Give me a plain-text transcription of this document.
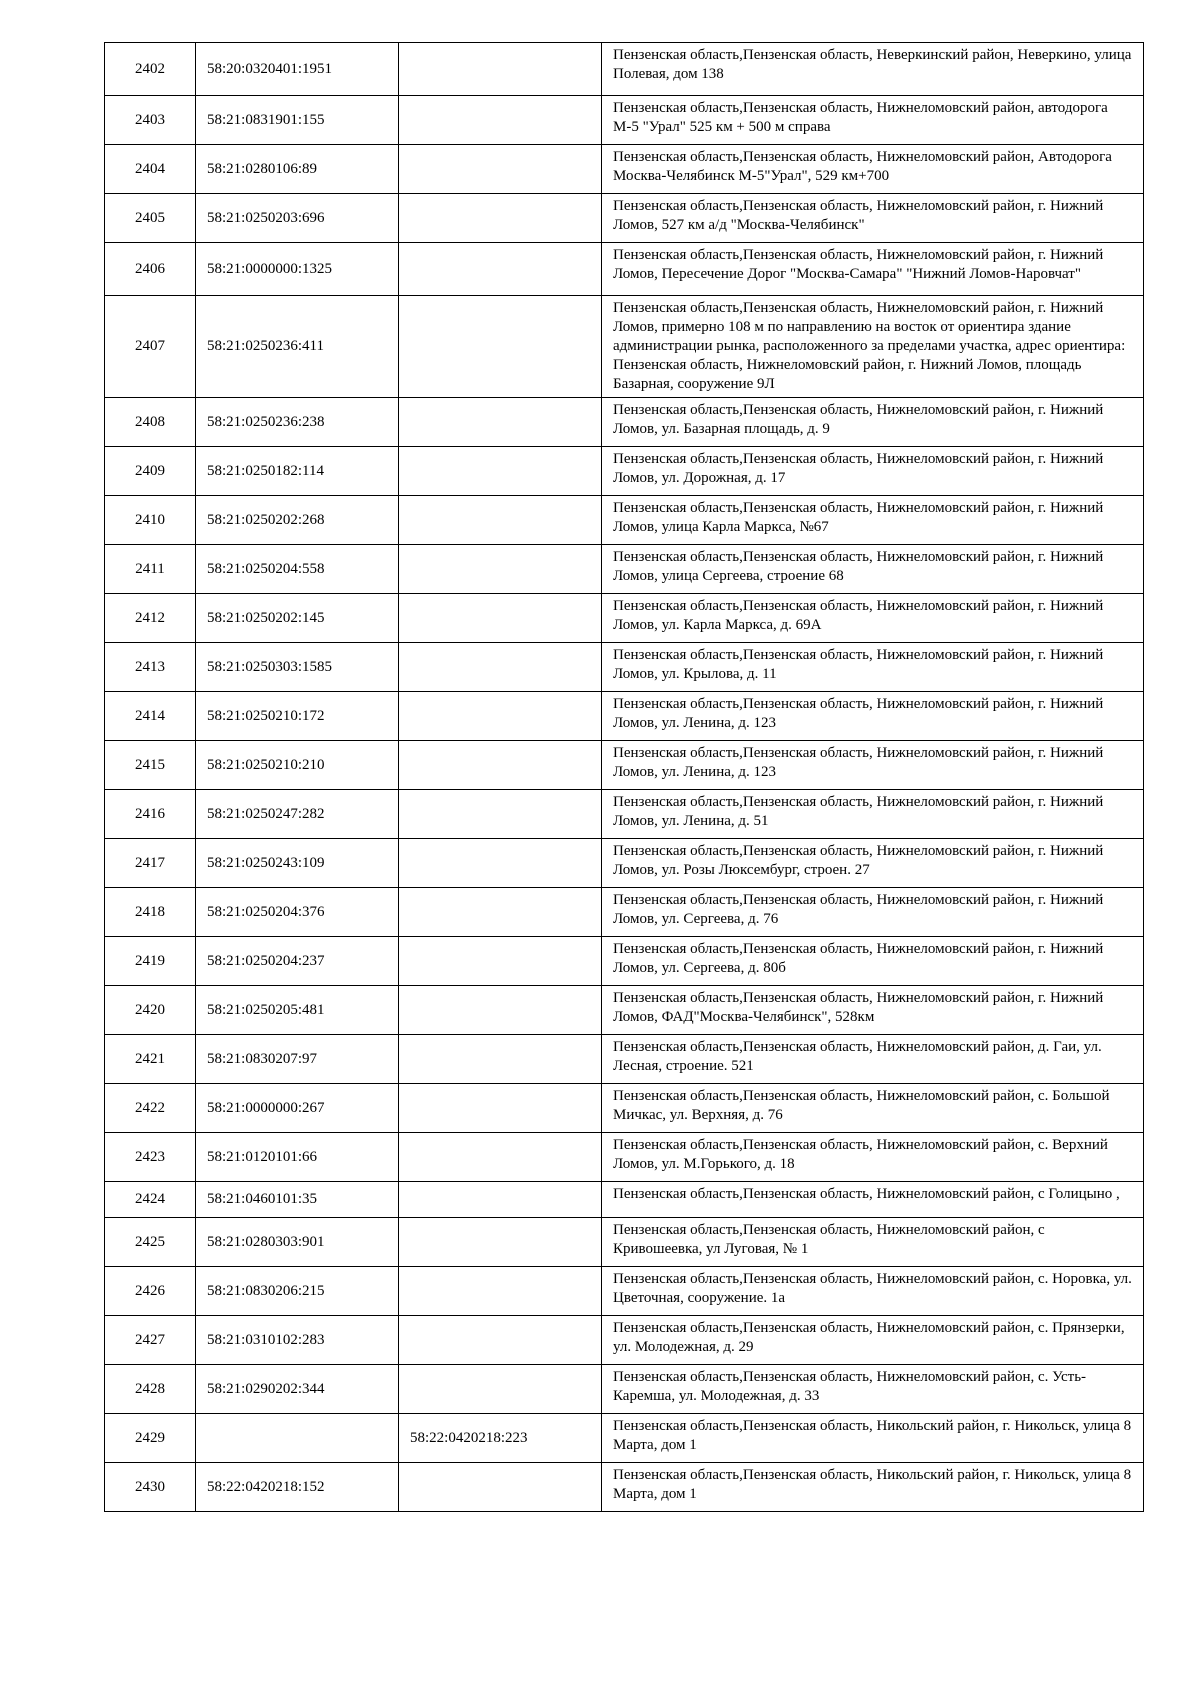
2402	58:20:0320401:1951		Пензенская область,Пензенская область, Неверкинский район, Неверкино, улица Полевая, дом 138
2403	58:21:0831901:155		Пензенская область,Пензенская область, Нижнеломовский район, автодорога М-5 "Урал" 525 км + 500 м справа
2404	58:21:0280106:89		Пензенская область,Пензенская область, Нижнеломовский район, Автодорога Москва-Челябинск М-5"Урал", 529 км+700
2405	58:21:0250203:696		Пензенская область,Пензенская область, Нижнеломовский район, г. Нижний Ломов, 527 км а/д "Москва-Челябинск"
2406	58:21:0000000:1325		Пензенская область,Пензенская область, Нижнеломовский район, г. Нижний Ломов, Пересечение Дорог "Москва-Самара" "Нижний Ломов-Наровчат"
2407	58:21:0250236:411		Пензенская область,Пензенская область, Нижнеломовский район, г. Нижний Ломов, примерно 108 м по направлению на восток от ориентира здание администрации рынка, расположенного за пределами участка, адрес ориентира: Пензенская область, Нижнеломовский район, г. Нижний Ломов, площадь Базарная, сооружение 9Л
2408	58:21:0250236:238		Пензенская область,Пензенская область, Нижнеломовский район, г. Нижний Ломов, ул. Базарная площадь, д. 9
2409	58:21:0250182:114		Пензенская область,Пензенская область, Нижнеломовский район, г. Нижний Ломов, ул. Дорожная, д. 17
2410	58:21:0250202:268		Пензенская область,Пензенская область, Нижнеломовский район, г. Нижний Ломов, улица Карла Маркса, №67
2411	58:21:0250204:558		Пензенская область,Пензенская область, Нижнеломовский район, г. Нижний Ломов, улица Сергеева, строение 68
2412	58:21:0250202:145		Пензенская область,Пензенская область, Нижнеломовский район, г. Нижний Ломов, ул. Карла Маркса, д. 69А
2413	58:21:0250303:1585		Пензенская область,Пензенская область, Нижнеломовский район, г. Нижний Ломов, ул. Крылова, д. 11
2414	58:21:0250210:172		Пензенская область,Пензенская область, Нижнеломовский район, г. Нижний Ломов, ул. Ленина, д. 123
2415	58:21:0250210:210		Пензенская область,Пензенская область, Нижнеломовский район, г. Нижний Ломов, ул. Ленина, д. 123
2416	58:21:0250247:282		Пензенская область,Пензенская область, Нижнеломовский район, г. Нижний Ломов, ул. Ленина, д. 51
2417	58:21:0250243:109		Пензенская область,Пензенская область, Нижнеломовский район, г. Нижний Ломов, ул. Розы Люксембург, строен. 27
2418	58:21:0250204:376		Пензенская область,Пензенская область, Нижнеломовский район, г. Нижний Ломов, ул. Сергеева, д. 76
2419	58:21:0250204:237		Пензенская область,Пензенская область, Нижнеломовский район, г. Нижний Ломов, ул. Сергеева, д. 80б
2420	58:21:0250205:481		Пензенская область,Пензенская область, Нижнеломовский район, г. Нижний Ломов, ФАД"Москва-Челябинск", 528км
2421	58:21:0830207:97		Пензенская область,Пензенская область, Нижнеломовский район, д. Гаи, ул. Лесная, строение. 521
2422	58:21:0000000:267		Пензенская область,Пензенская область, Нижнеломовский район, с. Большой Мичкас, ул. Верхняя, д. 76
2423	58:21:0120101:66		Пензенская область,Пензенская область, Нижнеломовский район, с. Верхний Ломов, ул. М.Горького, д. 18
2424	58:21:0460101:35		Пензенская область,Пензенская область, Нижнеломовский район, с Голицыно ,
2425	58:21:0280303:901		Пензенская область,Пензенская область, Нижнеломовский район, с Кривошеевка, ул Луговая, № 1
2426	58:21:0830206:215		Пензенская область,Пензенская область, Нижнеломовский район, с. Норовка, ул. Цветочная, сооружение. 1а
2427	58:21:0310102:283		Пензенская область,Пензенская область, Нижнеломовский район, с. Прянзерки, ул. Молодежная, д. 29
2428	58:21:0290202:344		Пензенская область,Пензенская область, Нижнеломовский район, с. Усть-Каремша, ул. Молодежная, д. 33
2429		58:22:0420218:223	Пензенская область,Пензенская область, Никольский район, г. Никольск, улица 8 Марта, дом 1
2430	58:22:0420218:152		Пензенская область,Пензенская область, Никольский район, г. Никольск, улица 8 Марта, дом 1
